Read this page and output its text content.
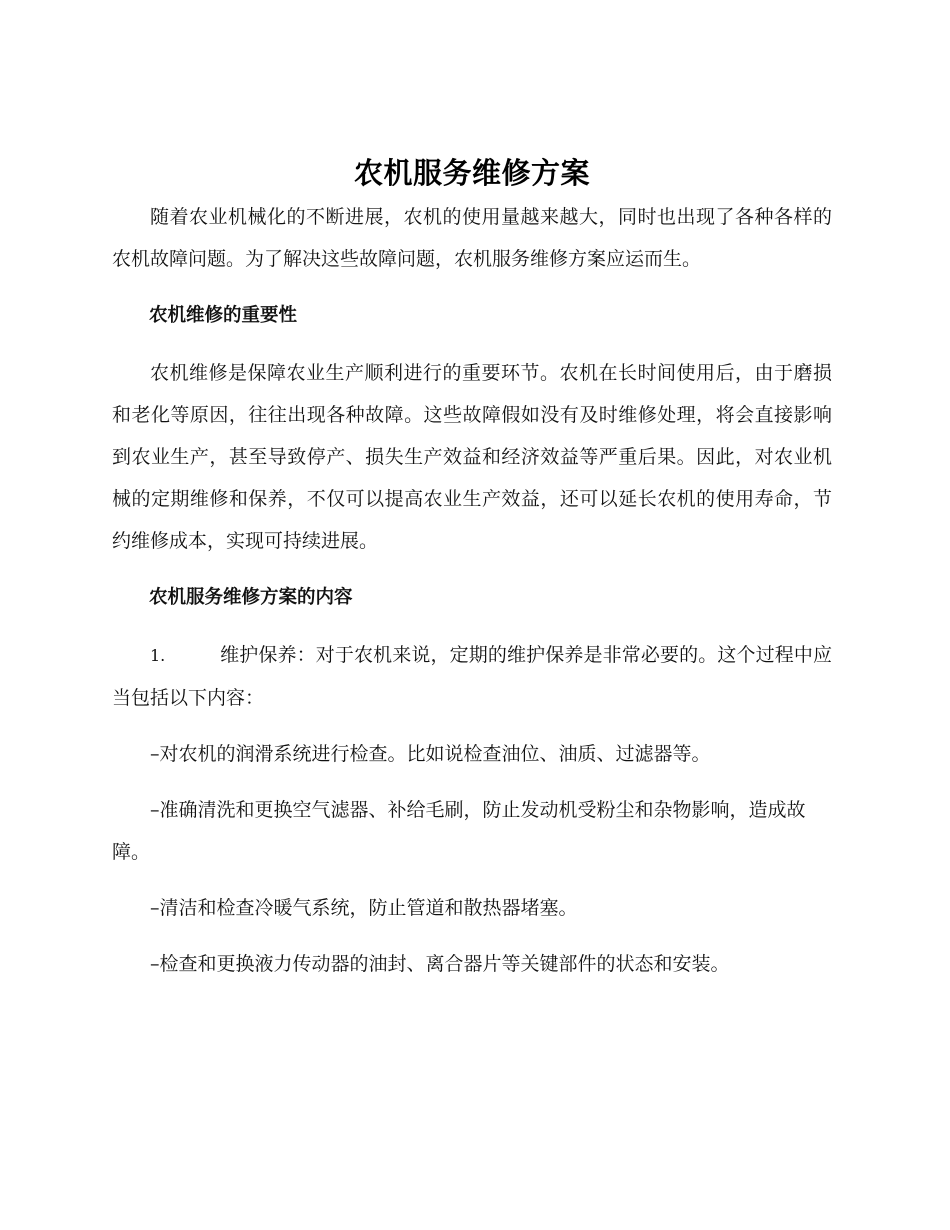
农机服务维修方案

随着农业机械化的不断进展，农机的使用量越来越大，同时也出现了各种各样的农机故障问题。为了解决这些故障问题，农机服务维修方案应运而生。

农机维修的重要性

农机维修是保障农业生产顺利进行的重要环节。农机在长时间使用后，由于磨损和老化等原因，往往出现各种故障。这些故障假如没有及时维修处理，将会直接影响到农业生产，甚至导致停产、损失生产效益和经济效益等严重后果。因此，对农业机械的定期维修和保养，不仅可以提高农业生产效益，还可以延长农机的使用寿命，节约维修成本，实现可持续进展。

农机服务维修方案的内容

1.	维护保养：对于农机来说，定期的维护保养是非常必要的。这个过程中应当包括以下内容：

–对农机的润滑系统进行检查。比如说检查油位、油质、过滤器等。

–准确清洗和更换空气滤器、补给毛刷，防止发动机受粉尘和杂物影响，造成故障。

–清洁和检查冷暖气系统，防止管道和散热器堵塞。

–检查和更换液力传动器的油封、离合器片等关键部件的状态和安装。
